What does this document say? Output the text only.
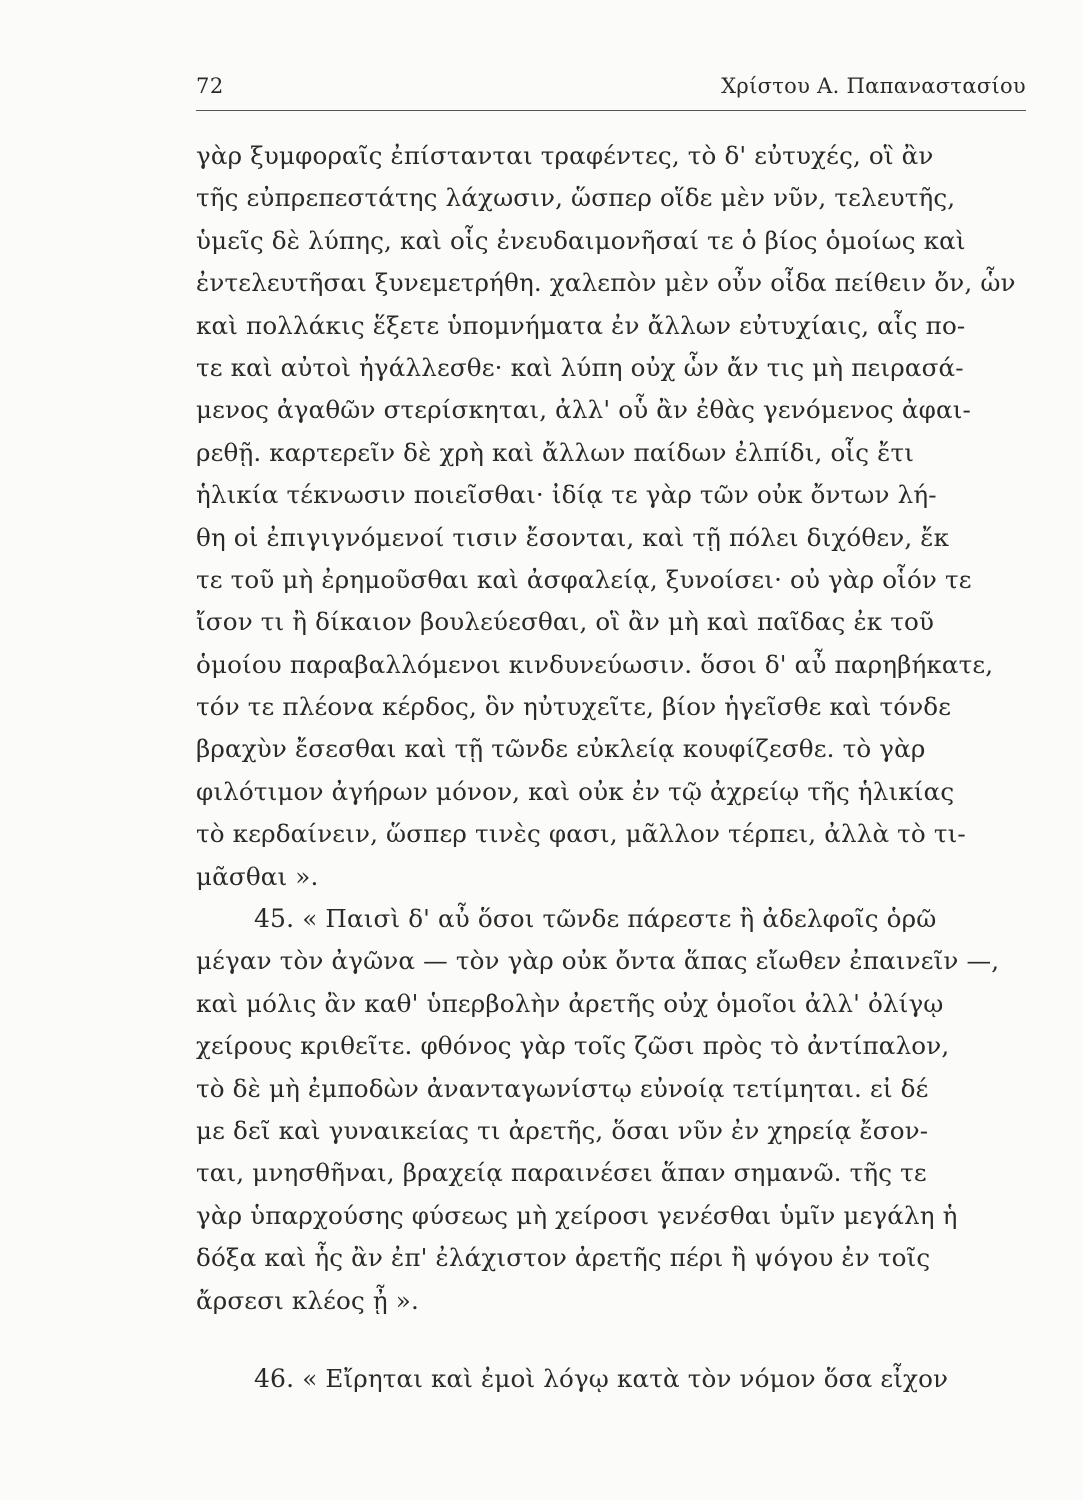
72	Χρίστου Α. Παπαναστασίου
γὰρ ξυμφοραῖς ἐπίστανται τραφέντες, τὸ δ' εὐτυχές, οἳ ἂν
τῆς εὐπρεπεστάτης λάχωσιν, ὥσπερ οἵδε μὲν νῦν, τελευτῆς,
ὑμεῖς δὲ λύπης, καὶ οἷς ἐνευδαιμονῆσαί τε ὁ βίος ὁμοίως καὶ
ἐντελευτῆσαι ξυνεμετρήθη. χαλεπὸν μὲν οὖν οἶδα πείθειν ὄν, ὧν
καὶ πολλάκις ἕξετε ὑπομνήματα ἐν ἄλλων εὐτυχίαις, αἷς πο-
τε καὶ αὐτοὶ ἠγάλλεσθε· καὶ λύπη οὐχ ὧν ἄν τις μὴ πειρασά-
μενος ἀγαθῶν στερίσκηται, ἀλλ' οὗ ἂν ἐθὰς γενόμενος ἀφαι-
ρεθῇ. καρτερεῖν δὲ χρὴ καὶ ἄλλων παίδων ἐλπίδι, οἷς ἔτι
ἡλικία τέκνωσιν ποιεῖσθαι· ἰδίᾳ τε γὰρ τῶν οὐκ ὄντων λή-
θη οἱ ἐπιγιγνόμενοί τισιν ἔσονται, καὶ τῇ πόλει διχόθεν, ἔκ
τε τοῦ μὴ ἐρημοῦσθαι καὶ ἀσφαλείᾳ, ξυνοίσει· οὐ γὰρ οἷόν τε
ἴσον τι ἢ δίκαιον βουλεύεσθαι, οἳ ἂν μὴ καὶ παῖδας ἐκ τοῦ
ὁμοίου παραβαλλόμενοι κινδυνεύωσιν. ὅσοι δ' αὖ παρηβήκατε,
τόν τε πλέονα κέρδος, ὃν ηὐτυχεῖτε, βίον ἡγεῖσθε καὶ τόνδε
βραχὺν ἔσεσθαι καὶ τῇ τῶνδε εὐκλείᾳ κουφίζεσθε. τὸ γὰρ
φιλότιμον ἀγήρων μόνον, καὶ οὐκ ἐν τῷ ἀχρείῳ τῆς ἡλικίας
τὸ κερδαίνειν, ὥσπερ τινὲς φασι, μᾶλλον τέρπει, ἀλλὰ τὸ τι-
μᾶσθαι ».
45. « Παισὶ δ' αὖ ὅσοι τῶνδε πάρεστε ἢ ἀδελφοῖς ὁρῶ
μέγαν τὸν ἀγῶνα — τὸν γὰρ οὐκ ὄντα ἅπας εἴωθεν ἐπαινεῖν —,
καὶ μόλις ἂν καθ' ὑπερβολὴν ἀρετῆς οὐχ ὁμοῖοι ἀλλ' ὀλίγῳ
χείρους κριθεῖτε. φθόνος γὰρ τοῖς ζῶσι πρὸς τὸ ἀντίπαλον,
τὸ δὲ μὴ ἐμποδὼν ἀνανταγωνίστῳ εὐνοίᾳ τετίμηται. εἰ δέ
με δεῖ καὶ γυναικείας τι ἀρετῆς, ὅσαι νῦν ἐν χηρείᾳ ἔσον-
ται, μνησθῆναι, βραχείᾳ παραινέσει ἅπαν σημανῶ. τῆς τε
γὰρ ὑπαρχούσης φύσεως μὴ χείροσι γενέσθαι ὑμῖν μεγάλη ἡ
δόξα καὶ ἧς ἂν ἐπ' ἐλάχιστον ἀρετῆς πέρι ἢ ψόγου ἐν τοῖς
ἄρσεσι κλέος ᾖ ».
46. « Εἴρηται καὶ ἐμοὶ λόγῳ κατὰ τὸν νόμον ὅσα εἶχον
